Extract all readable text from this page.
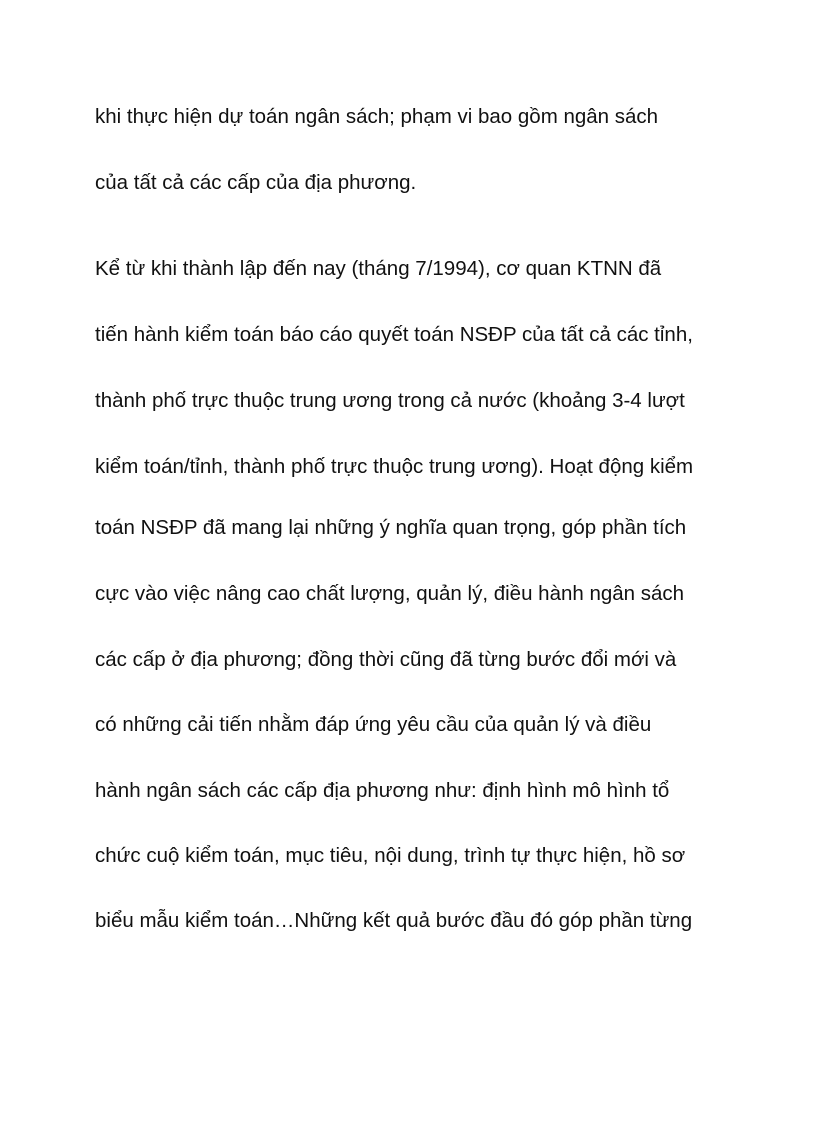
khi thực hiện dự toán ngân sách; phạm vi bao gồm ngân sách
của tất cả các cấp của địa phương.
Kể từ khi thành lập đến nay (tháng 7/1994), cơ quan KTNN đã
tiến hành kiểm toán báo cáo quyết toán NSĐP của tất cả các tỉnh,
thành phố trực thuộc trung ương trong cả nước (khoảng 3-4 lượt
kiểm toán/tỉnh, thành phố trực thuộc trung ương). Hoạt động kiểm
toán NSĐP đã mang lại những ý nghĩa quan trọng, góp phần tích
cực vào việc nâng cao chất lượng, quản lý, điều hành ngân sách
các cấp ở địa phương; đồng thời cũng đã từng bước đổi mới và
có những cải tiến nhằm đáp ứng yêu cầu của quản lý và điều
hành ngân sách các cấp địa phương như: định hình mô hình tổ
chức cuộ kiểm toán, mục tiêu, nội dung, trình tự thực hiện, hồ sơ
biểu mẫu kiểm toán…Những kết quả bước đầu đó góp phần từng
